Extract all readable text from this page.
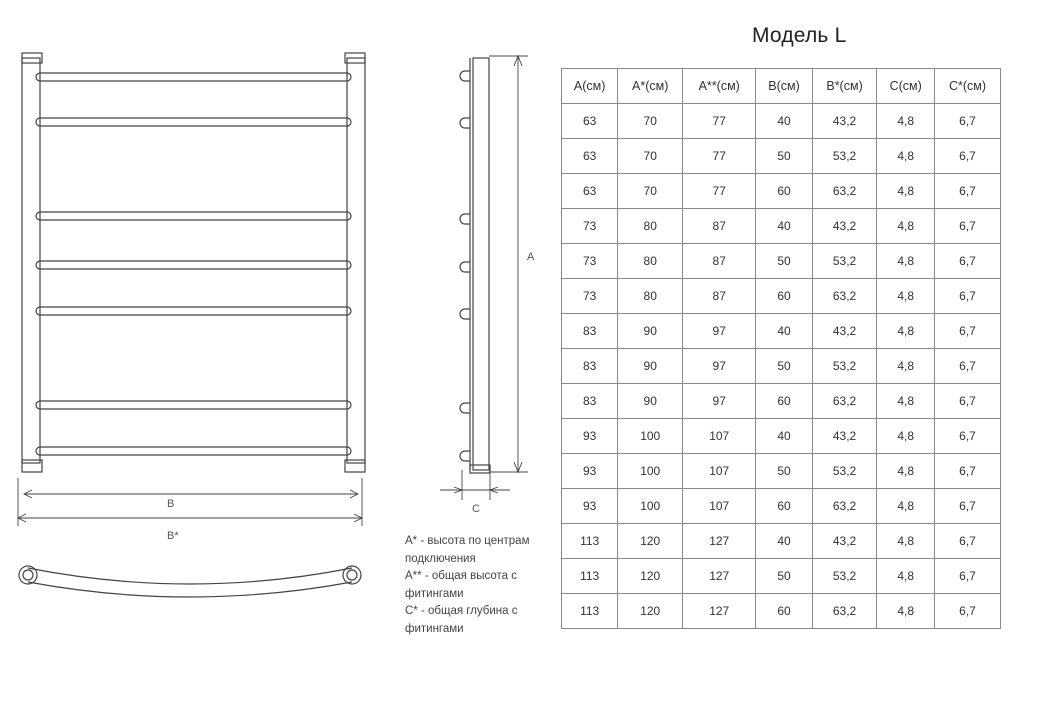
B
B*
A
C
Модель L
A(см)	A*(см)	A**(см)	B(см)	B*(см)	C(см)	C*(см)
63	70	77	40	43,2	4,8	6,7
63	70	77	50	53,2	4,8	6,7
63	70	77	60	63,2	4,8	6,7
73	80	87	40	43,2	4,8	6,7
73	80	87	50	53,2	4,8	6,7
73	80	87	60	63,2	4,8	6,7
83	90	97	40	43,2	4,8	6,7
83	90	97	50	53,2	4,8	6,7
83	90	97	60	63,2	4,8	6,7
93	100	107	40	43,2	4,8	6,7
93	100	107	50	53,2	4,8	6,7
93	100	107	60	63,2	4,8	6,7
113	120	127	40	43,2	4,8	6,7
113	120	127	50	53,2	4,8	6,7
113	120	127	60	63,2	4,8	6,7

A* - высота по центрам подключения

A** - общая высота с фитингами

C* - общая глубина с фитингами
